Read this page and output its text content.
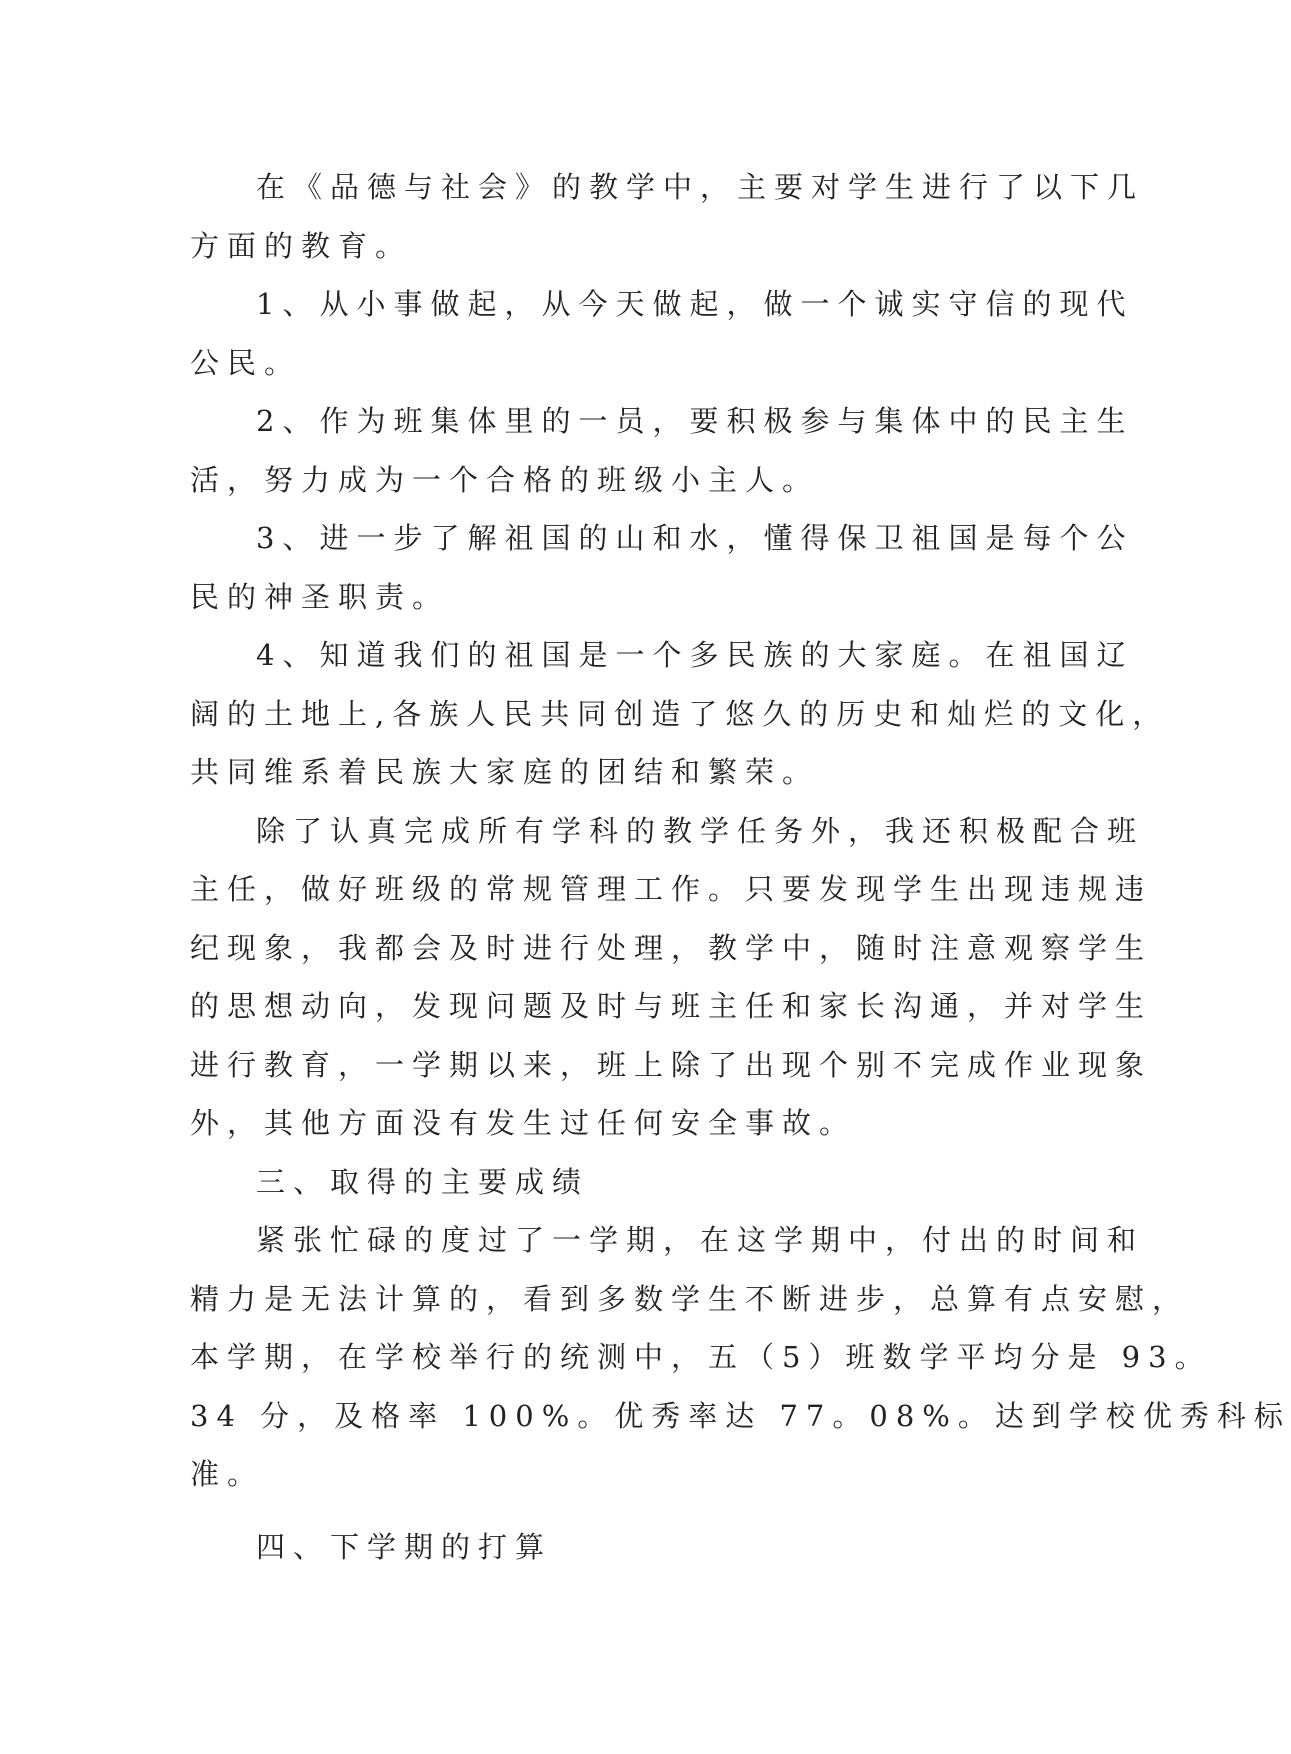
在《品德与社会》的教学中，主要对学生进行了以下几
方面的教育。
1、从小事做起，从今天做起，做一个诚实守信的现代
公民。
2、作为班集体里的一员，要积极参与集体中的民主生
活，努力成为一个合格的班级小主人。
3、进一步了解祖国的山和水，懂得保卫祖国是每个公
民的神圣职责。
4、知道我们的祖国是一个多民族的大家庭。在祖国辽
阔的土地上,各族人民共同创造了悠久的历史和灿烂的文化，
共同维系着民族大家庭的团结和繁荣。
除了认真完成所有学科的教学任务外，我还积极配合班
主任，做好班级的常规管理工作。只要发现学生出现违规违
纪现象，我都会及时进行处理，教学中，随时注意观察学生
的思想动向，发现问题及时与班主任和家长沟通，并对学生
进行教育，一学期以来，班上除了出现个别不完成作业现象
外，其他方面没有发生过任何安全事故。
三、取得的主要成绩
紧张忙碌的度过了一学期，在这学期中，付出的时间和
精力是无法计算的，看到多数学生不断进步，总算有点安慰，
本学期，在学校举行的统测中，五（5）班数学平均分是 93。
34 分，及格率 100%。优秀率达 77。08%。达到学校优秀科标
准。
四、下学期的打算
